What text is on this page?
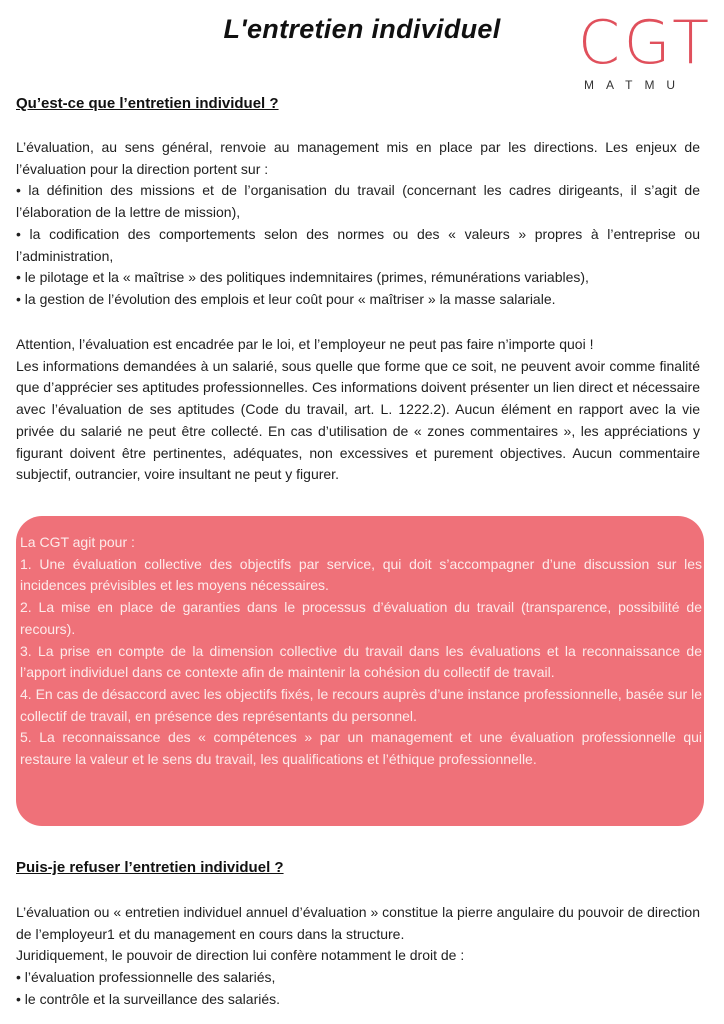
L'entretien individuel	CGT
MATMU
Qu’est-ce que l’entretien individuel ?

L’évaluation, au sens général, renvoie au management mis en place par les directions. Les enjeux de l’évaluation pour la direction portent sur :

• la définition des missions et de l’organisation du travail (concernant les cadres dirigeants, il s’agit de l’élaboration de la lettre de mission),

• la codification des comportements selon des normes ou des « valeurs » propres à l’entreprise ou l’administration,

• le pilotage et la « maîtrise » des politiques indemnitaires (primes, rémunérations variables),

• la gestion de l’évolution des emplois et leur coût pour « maîtriser » la masse salariale.

Attention, l’évaluation est encadrée par le loi, et l’employeur ne peut pas faire n’importe quoi !

Les informations demandées à un salarié, sous quelle que forme que ce soit, ne peuvent avoir comme finalité que d’apprécier ses aptitudes professionnelles. Ces informations doivent présenter un lien direct et nécessaire avec l’évaluation de ses aptitudes (Code du travail, art. L. 1222.2). Aucun élément en rapport avec la vie privée du salarié ne peut être collecté. En cas d’utilisation de « zones commentaires », les appréciations y figurant doivent être pertinentes, adéquates, non excessives et purement objectives. Aucun commentaire subjectif, outrancier, voire insultant ne peut y figurer.

La CGT agit pour :

1. Une évaluation collective des objectifs par service, qui doit s’accompagner d’une discussion sur les incidences prévisibles et les moyens nécessaires.

2. La mise en place de garanties dans le processus d’évaluation du travail (transparence, possibilité de recours).

3. La prise en compte de la dimension collective du travail dans les évaluations et la reconnaissance de l’apport individuel dans ce contexte afin de maintenir la cohésion du collectif de travail.

4. En cas de désaccord avec les objectifs fixés, le recours auprès d’une instance professionnelle, basée sur le collectif de travail, en présence des représentants du personnel.

5. La reconnaissance des « compétences » par un management et une évaluation professionnelle qui restaure la valeur et le sens du travail, les qualifications et l’éthique professionnelle.

Puis-je refuser l’entretien individuel ?

L’évaluation ou « entretien individuel annuel d’évaluation » constitue la pierre angulaire du pouvoir de direction de l’employeur1 et du management en cours dans la structure.

Juridiquement, le pouvoir de direction lui confère notamment le droit de :

• l’évaluation professionnelle des salariés,

• le contrôle et la surveillance des salariés.
